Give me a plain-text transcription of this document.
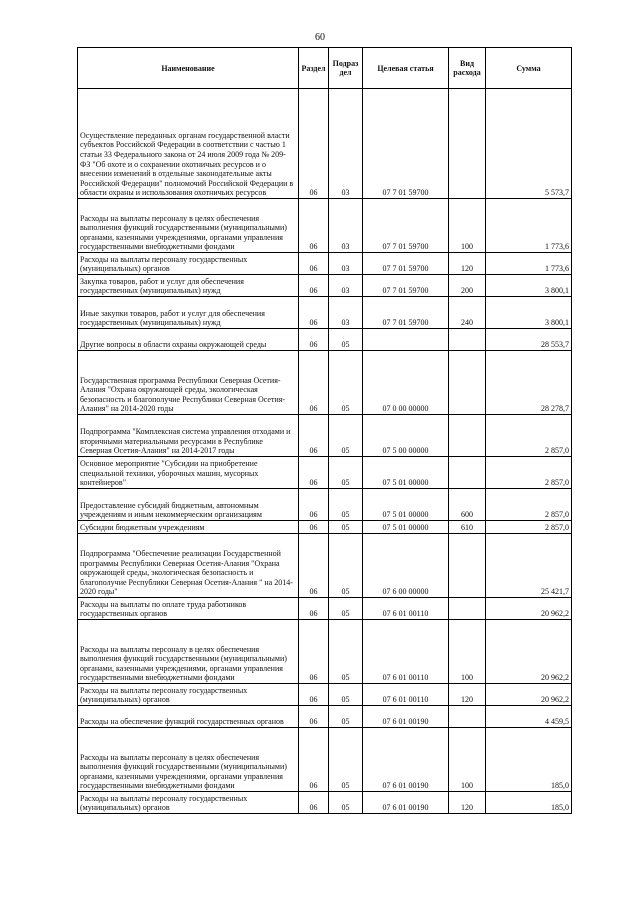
60
Наименование	Раздел	Подраз дел	Целевая статья	Вид расхода	Сумма
Осуществление переданных органам государственной власти субъектов Российской Федерации в соответствии с частью 1 статьи 33 Федерального закона от 24 июля 2009 года № 209-ФЗ "Об охоте и о сохранении охотничьих ресурсов и о внесении изменений в отдельные законодательные акты Российской Федерации" полномочий Российской Федерации в области охраны и использования охотничьих ресурсов	06	03	07 7 01 59700		5 573,7
Расходы на выплаты персоналу в целях обеспечения выполнения функций государственными (муниципальными) органами, казенными учреждениями, органами управления государственными внебюджетными фондами	06	03	07 7 01 59700	100	1 773,6
Расходы на выплаты персоналу государственных (муниципальных) органов	06	03	07 7 01 59700	120	1 773,6
Закупка товаров, работ и услуг для обеспечения государственных (муниципальных) нужд	06	03	07 7 01 59700	200	3 800,1
Иные закупки товаров, работ и услуг для обеспечения государственных (муниципальных) нужд	06	03	07 7 01 59700	240	3 800,1
Другие вопросы в области охраны окружающей среды	06	05			28 553,7
Государственная программа Республики Северная Осетия-Алания "Охрана окружающей среды, экологическая безопасность и благополучие Республики Северная Осетия-Алания" на 2014-2020 годы	06	05	07 0 00 00000		28 278,7
Подпрограмма "Комплексная система управления отходами и вторичными материальными ресурсами в Республике Северная Осетия-Алания" на 2014-2017 годы	06	05	07 5 00 00000		2 857,0
Основное мероприятие "Субсидии на приобретение специальной техники, уборочных машин, мусорных контейнеров"	06	05	07 5 01 00000		2 857,0
Предоставление субсидий бюджетным, автономным учреждениям и иным некоммерческим организациям	06	05	07 5 01 00000	600	2 857,0
Субсидии бюджетным учреждениям	06	05	07 5 01 00000	610	2 857,0
Подпрограмма "Обеспечение реализации Государственной программы Республики Северная Осетия-Алания "Охрана окружающей среды, экологическая безопасность и благополучие Республики Северная Осетия-Алания " на 2014-2020 годы"	06	05	07 6 00 00000		25 421,7
Расходы на выплаты по оплате труда работников государственных органов	06	05	07 6 01 00110		20 962,2
Расходы на выплаты персоналу в целях обеспечения выполнения функций государственными (муниципальными) органами, казенными учреждениями, органами управления государственными внебюджетными фондами	06	05	07 6 01 00110	100	20 962,2
Расходы на выплаты персоналу государственных (муниципальных) органов	06	05	07 6 01 00110	120	20 962,2
Расходы на обеспечение функций государственных органов	06	05	07 6 01 00190		4 459,5
Расходы на выплаты персоналу в целях обеспечения выполнения функций государственными (муниципальными) органами, казенными учреждениями, органами управления государственными внебюджетными фондами	06	05	07 6 01 00190	100	185,0
Расходы на выплаты персоналу государственных (муниципальных) органов	06	05	07 6 01 00190	120	185,0
